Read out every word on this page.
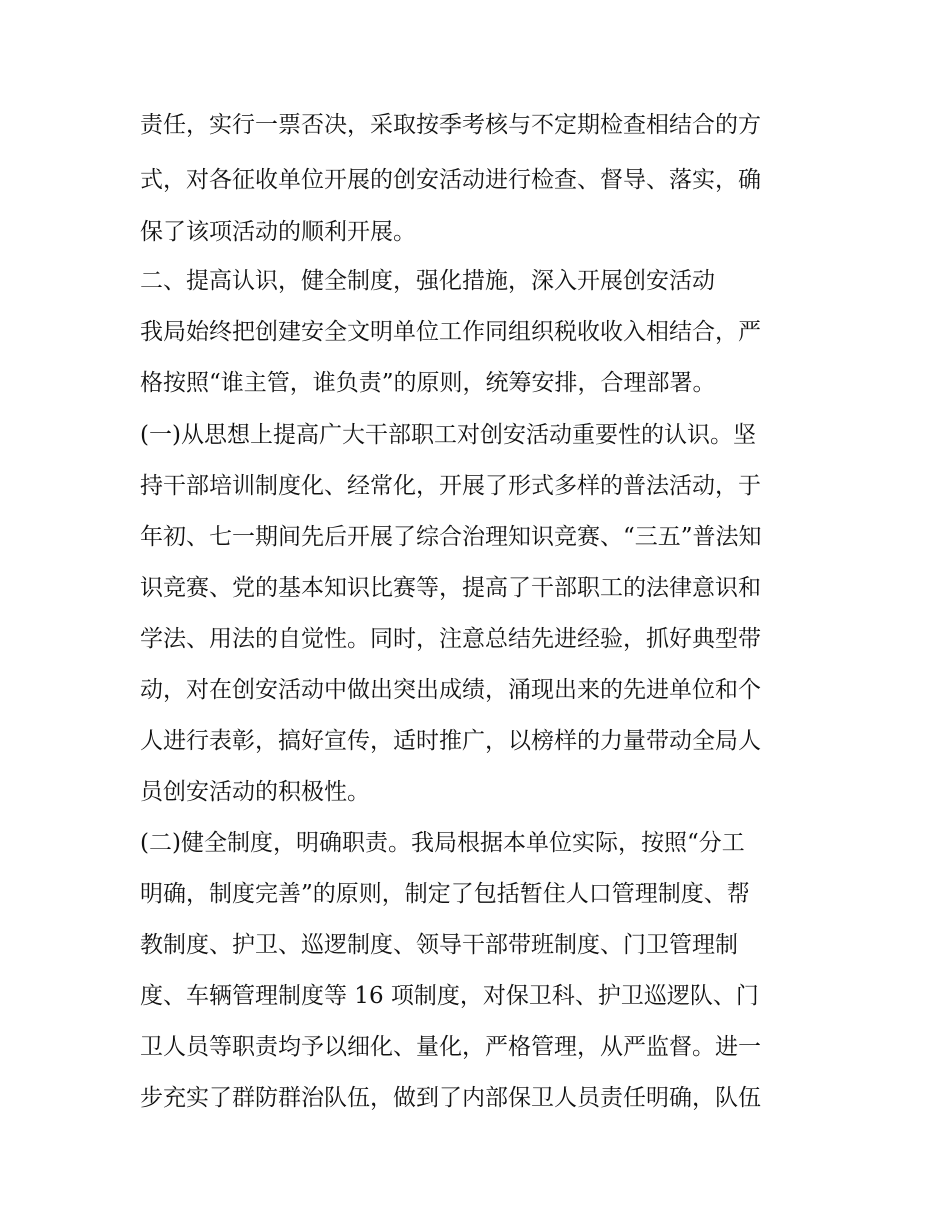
责任，实行一票否决，采取按季考核与不定期检查相结合的方
式，对各征收单位开展的创安活动进行检查、督导、落实，确
保了该项活动的顺利开展。
二、提高认识，健全制度，强化措施，深入开展创安活动
我局始终把创建安全文明单位工作同组织税收收入相结合，严
格按照“谁主管，谁负责”的原则，统筹安排，合理部署。
(一)从思想上提高广大干部职工对创安活动重要性的认识。坚
持干部培训制度化、经常化，开展了形式多样的普法活动，于
年初、七一期间先后开展了综合治理知识竞赛、“三五”普法知
识竞赛、党的基本知识比赛等，提高了干部职工的法律意识和
学法、用法的自觉性。同时，注意总结先进经验，抓好典型带
动，对在创安活动中做出突出成绩，涌现出来的先进单位和个
人进行表彰，搞好宣传，适时推广，以榜样的力量带动全局人
员创安活动的积极性。
(二)健全制度，明确职责。我局根据本单位实际，按照“分工
明确，制度完善”的原则，制定了包括暂住人口管理制度、帮
教制度、护卫、巡逻制度、领导干部带班制度、门卫管理制
度、车辆管理制度等 16 项制度，对保卫科、护卫巡逻队、门
卫人员等职责均予以细化、量化，严格管理，从严监督。进一
步充实了群防群治队伍，做到了内部保卫人员责任明确，队伍
